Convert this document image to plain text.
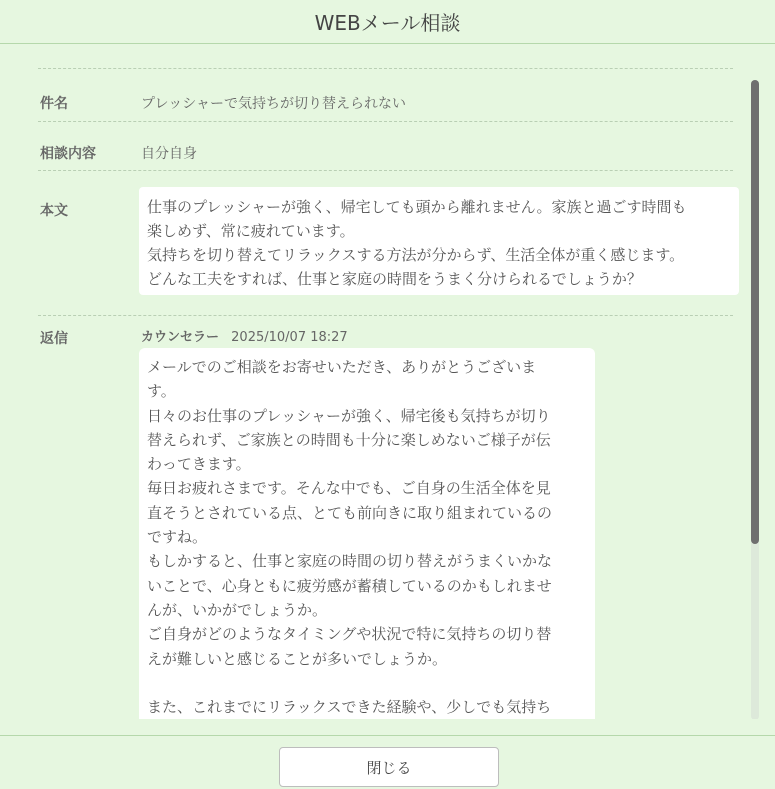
WEBメール相談
件名	プレッシャーで気持ちが切り替えられない
相談内容	自分自身
本文	仕事のプレッシャーが強く、帰宅しても頭から離れません。家族と過ごす時間も
楽しめず、常に疲れています。
気持ちを切り替えてリラックスする方法が分からず、生活全体が重く感じます。
どんな工夫をすれば、仕事と家庭の時間をうまく分けられるでしょうか？
返信	カウンセラー 2025/10/07 18:27
メールでのご相談をお寄せいただき、ありがとうございま
す。
日々のお仕事のプレッシャーが強く、帰宅後も気持ちが切り
替えられず、ご家族との時間も十分に楽しめないご様子が伝
わってきます。
毎日お疲れさまです。そんな中でも、ご自身の生活全体を見
直そうとされている点、とても前向きに取り組まれているの
ですね。
もしかすると、仕事と家庭の時間の切り替えがうまくいかな
いことで、心身ともに疲労感が蓄積しているのかもしれませ
んが、いかがでしょうか。
ご自身がどのようなタイミングや状況で特に気持ちの切り替
えが難しいと感じることが多いでしょうか。
また、これまでにリラックスできた経験や、少しでも気持ち
閉じる
